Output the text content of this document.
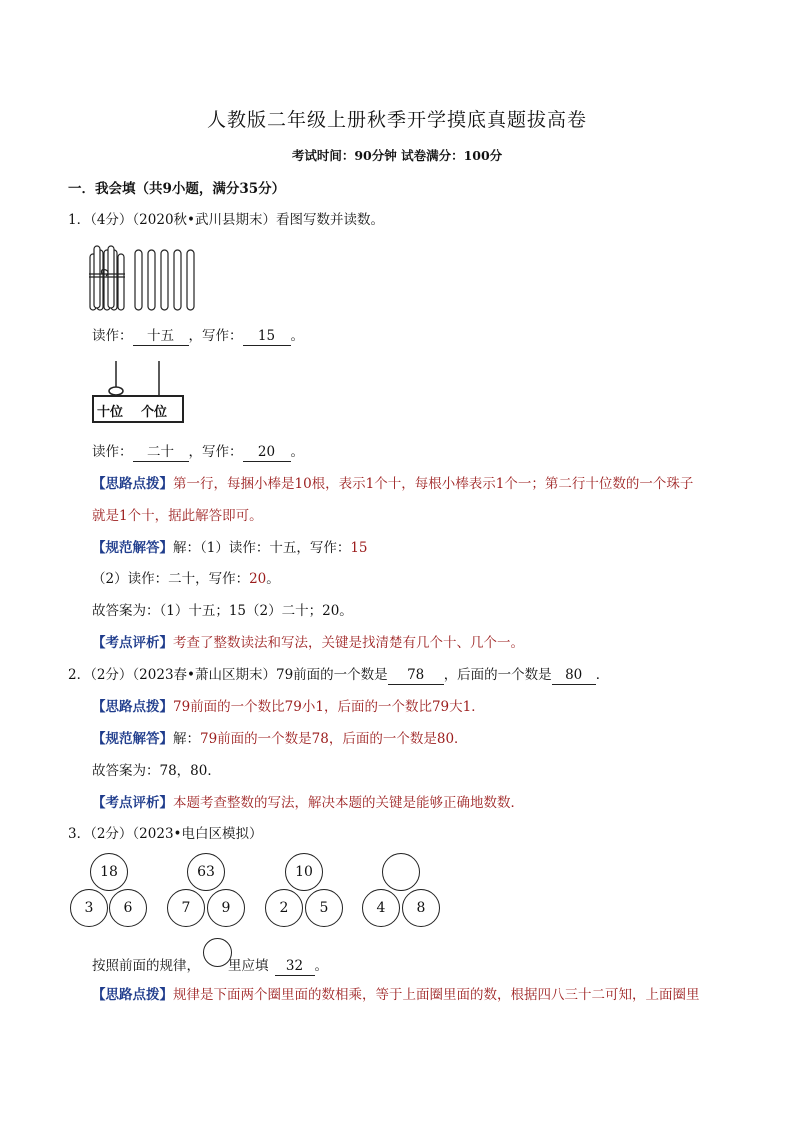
人教版二年级上册秋季开学摸底真题拔高卷
考试时间：90分钟 试卷满分：100分
一．我会填（共9小题，满分35分）
1．（4分）（2020秋•武川县期末）看图写数并读数。
读作： 十五 ，写作： 15 。
十位 个位
读作： 二十 ，写作： 20 。
【思路点拨】第一行，每捆小棒是10根，表示1个十，每根小棒表示1个一；第二行十位数的一个珠子
就是1个十，据此解答即可。
【规范解答】解：（1）读作：十五，写作：15
（2）读作：二十，写作：20。
故答案为：（1）十五；15（2）二十；20。
【考点评析】考查了整数读法和写法，关键是找清楚有几个十、几个一。
2．（2分）（2023春•萧山区期末）79前面的一个数是 78 ，后面的一个数是 80 ．
【思路点拨】79前面的一个数比79小1，后面的一个数比79大1．
【规范解答】解：79前面的一个数是78，后面的一个数是80．
故答案为：78，80．
【考点评析】本题考查整数的写法，解决本题的关键是能够正确地数数．
3．（2分）（2023•电白区模拟）
18
3	6
63
7	9
10
2	5	4	8
按照前面的规律， 里应填 32 。
【思路点拨】规律是下面两个圈里面的数相乘，等于上面圈里面的数，根据四八三十二可知，上面圈里
